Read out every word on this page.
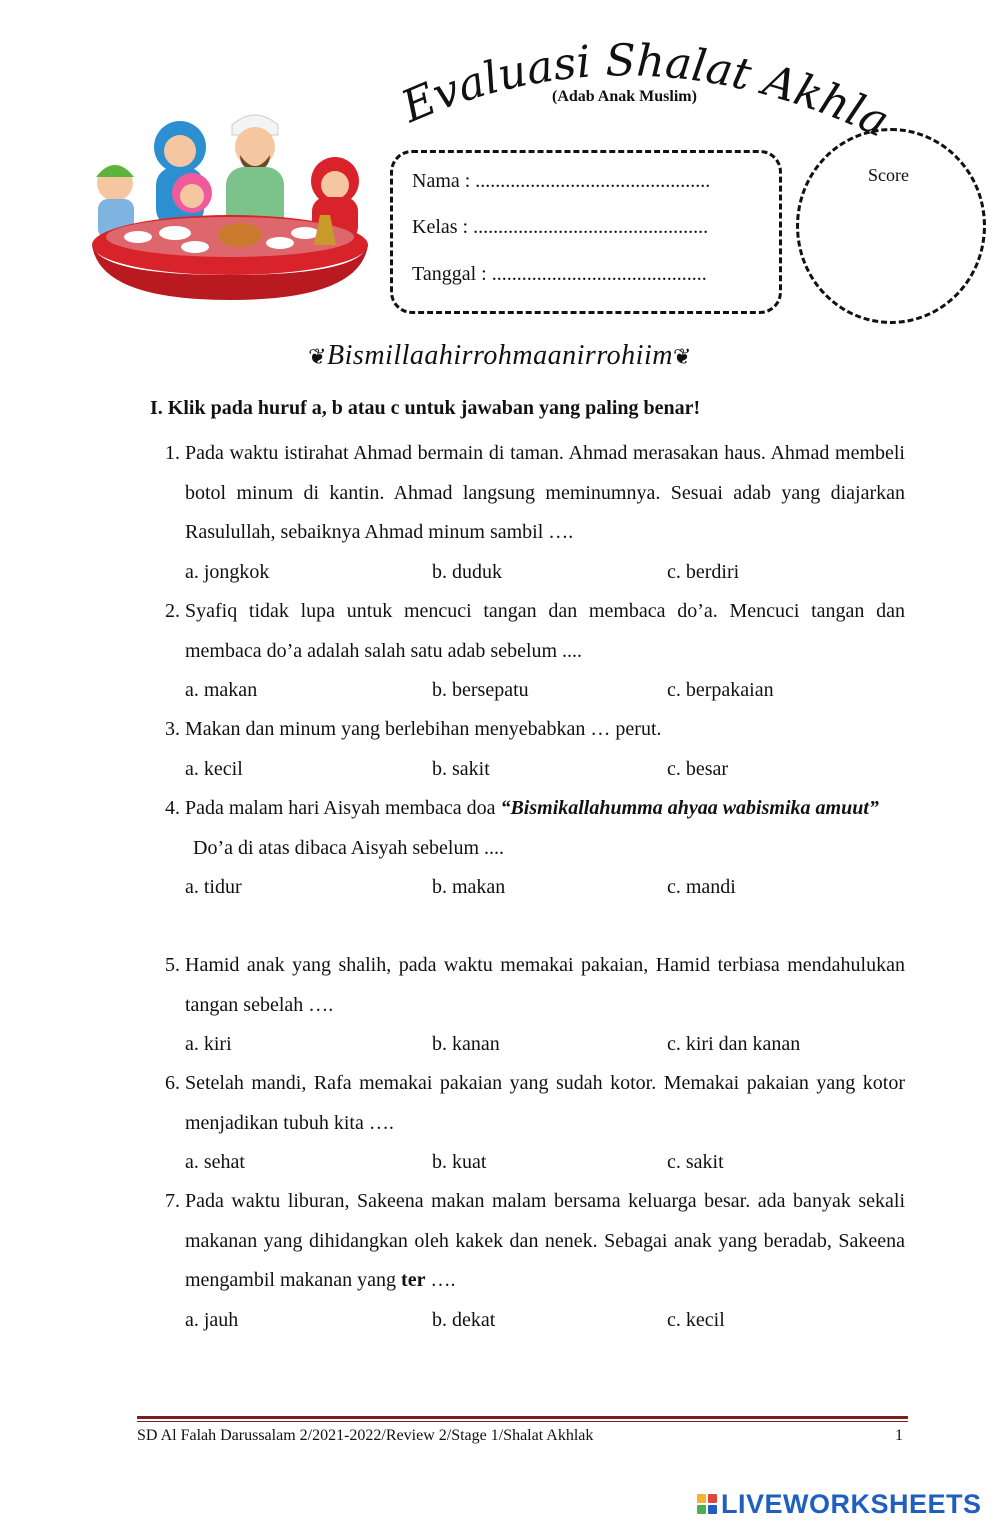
valuasi Shalat Akhla
(Adab Anak Muslim)
Nama : ...............................................
Kelas : ...............................................
Tanggal : ...........................................
Score
❦Bismillaahirrohmaanirrohiim❦
I. Klik pada huruf a, b atau c untuk jawaban yang paling benar!
1. Pada waktu istirahat Ahmad bermain di taman. Ahmad merasakan haus. Ahmad membeli botol minum di kantin. Ahmad langsung meminumnya. Sesuai adab yang diajarkan Rasulullah, sebaiknya Ahmad minum sambil ….
a. jongkok	b. duduk	c. berdiri
2. Syafiq tidak lupa untuk mencuci tangan dan membaca do’a. Mencuci tangan dan membaca do’a adalah salah satu adab sebelum ....
a. makan	b. bersepatu	c. berpakaian
3. Makan dan minum yang berlebihan menyebabkan … perut.
a. kecil	b. sakit	c. besar
4. Pada malam hari Aisyah membaca doa “Bismikallahumma ahyaa wabismika amuut”
Do’a di atas dibaca Aisyah sebelum ....
a. tidur	b. makan	c. mandi
5. Hamid anak yang shalih, pada waktu memakai pakaian, Hamid terbiasa mendahulukan tangan sebelah ….
a. kiri	b. kanan	c. kiri dan kanan
6. Setelah mandi, Rafa memakai pakaian yang sudah kotor. Memakai pakaian yang kotor menjadikan tubuh kita ….
a. sehat	b. kuat	c. sakit
7. Pada waktu liburan, Sakeena makan malam bersama keluarga besar. ada banyak sekali makanan yang dihidangkan oleh kakek dan nenek. Sebagai anak yang beradab, Sakeena mengambil makanan yang ter ….
a. jauh	b. dekat	c. kecil
SD Al Falah Darussalam 2/2021-2022/Review 2/Stage 1/Shalat Akhlak	1
LIVEWORKSHEETS
